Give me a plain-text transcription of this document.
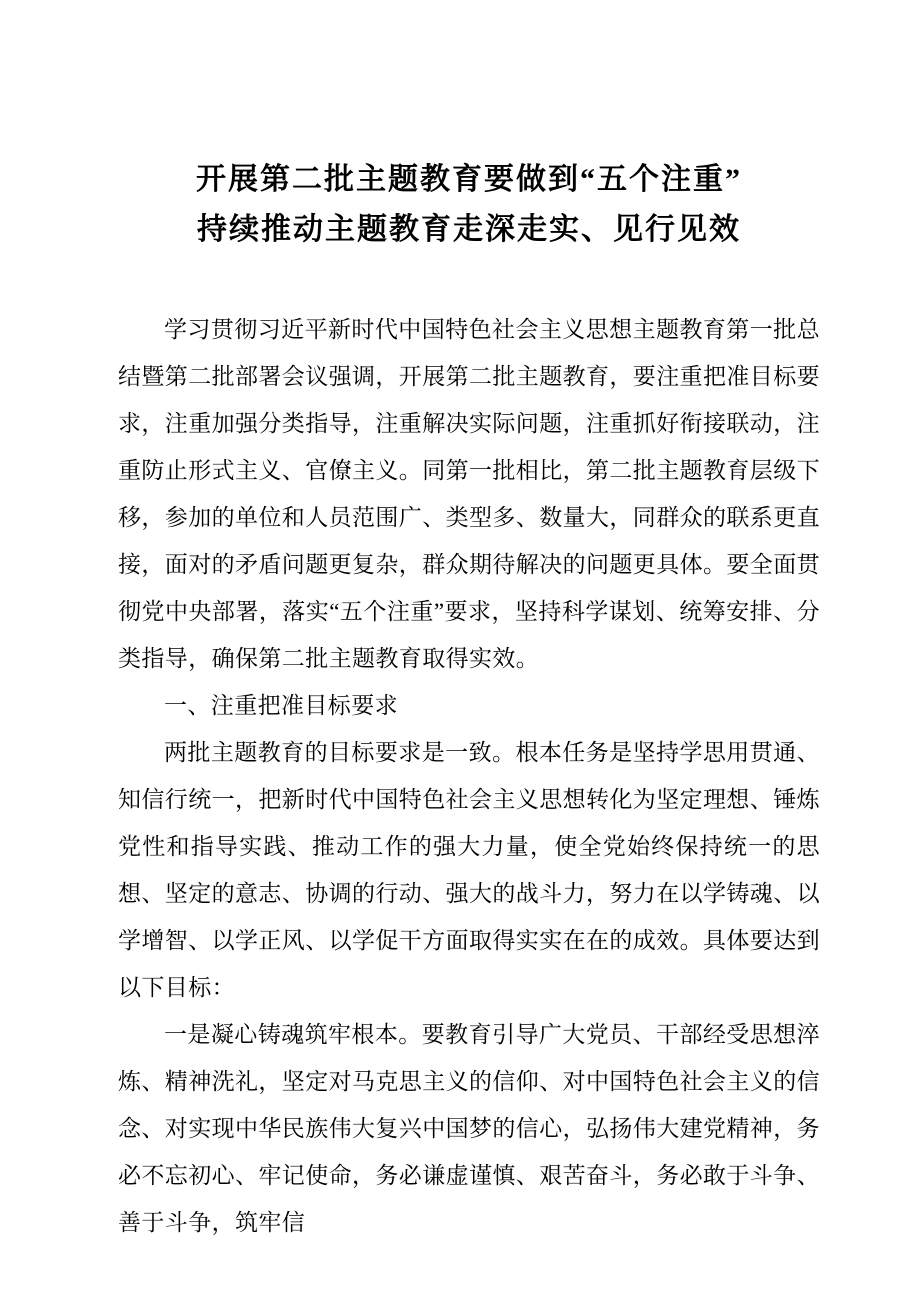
开展第二批主题教育要做到“五个注重”
持续推动主题教育走深走实、见行见效

学习贯彻习近平新时代中国特色社会主义思想主题教育第一批总结暨第二批部署会议强调，开展第二批主题教育，要注重把准目标要求，注重加强分类指导，注重解决实际问题，注重抓好衔接联动，注重防止形式主义、官僚主义。同第一批相比，第二批主题教育层级下移，参加的单位和人员范围广、类型多、数量大，同群众的联系更直接，面对的矛盾问题更复杂，群众期待解决的问题更具体。要全面贯彻党中央部署，落实“五个注重”要求，坚持科学谋划、统筹安排、分类指导，确保第二批主题教育取得实效。

一、注重把准目标要求

两批主题教育的目标要求是一致。根本任务是坚持学思用贯通、知信行统一，把新时代中国特色社会主义思想转化为坚定理想、锤炼党性和指导实践、推动工作的强大力量，使全党始终保持统一的思想、坚定的意志、协调的行动、强大的战斗力，努力在以学铸魂、以学增智、以学正风、以学促干方面取得实实在在的成效。具体要达到以下目标：

一是凝心铸魂筑牢根本。要教育引导广大党员、干部经受思想淬炼、精神洗礼，坚定对马克思主义的信仰、对中国特色社会主义的信念、对实现中华民族伟大复兴中国梦的信心，弘扬伟大建党精神，务必不忘初心、牢记使命，务必谦虚谨慎、艰苦奋斗，务必敢于斗争、善于斗争，筑牢信
